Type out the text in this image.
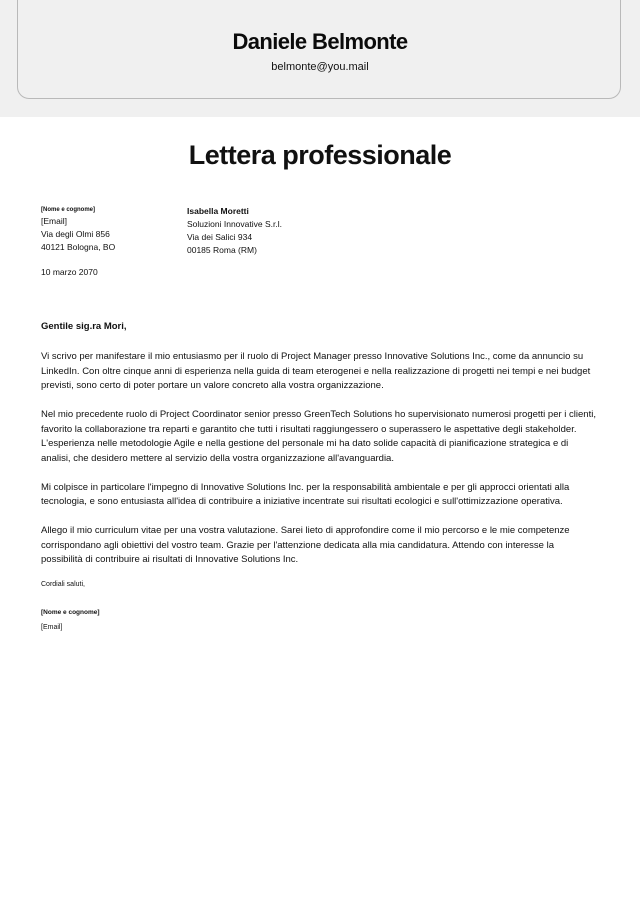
Daniele Belmonte
belmonte@you.mail
Lettera professionale
[Nome e cognome]
[Email]
Via degli Olmi 856
40121 Bologna, BO
Isabella Moretti
Soluzioni Innovative S.r.l.
Via dei Salici 934
00185 Roma (RM)
10 marzo 2070
Gentile sig.ra Mori,

Vi scrivo per manifestare il mio entusiasmo per il ruolo di Project Manager presso Innovative Solutions Inc., come da annuncio su LinkedIn. Con oltre cinque anni di esperienza nella guida di team eterogenei e nella realizzazione di progetti nei tempi e nei budget previsti, sono certo di poter portare un valore concreto alla vostra organizzazione.

Nel mio precedente ruolo di Project Coordinator senior presso GreenTech Solutions ho supervisionato numerosi progetti per i clienti, favorito la collaborazione tra reparti e garantito che tutti i risultati raggiungessero o superassero le aspettative degli stakeholder. L'esperienza nelle metodologie Agile e nella gestione del personale mi ha dato solide capacità di pianificazione strategica e di analisi, che desidero mettere al servizio della vostra organizzazione all'avanguardia.

Mi colpisce in particolare l'impegno di Innovative Solutions Inc. per la responsabilità ambientale e per gli approcci orientati alla tecnologia, e sono entusiasta all'idea di contribuire a iniziative incentrate sui risultati ecologici e sull'ottimizzazione operativa.

Allego il mio curriculum vitae per una vostra valutazione. Sarei lieto di approfondire come il mio percorso e le mie competenze corrispondano agli obiettivi del vostro team. Grazie per l'attenzione dedicata alla mia candidatura. Attendo con interesse la possibilità di contribuire ai risultati di Innovative Solutions Inc.

Cordiali saluti,
[Nome e cognome]
[Email]
